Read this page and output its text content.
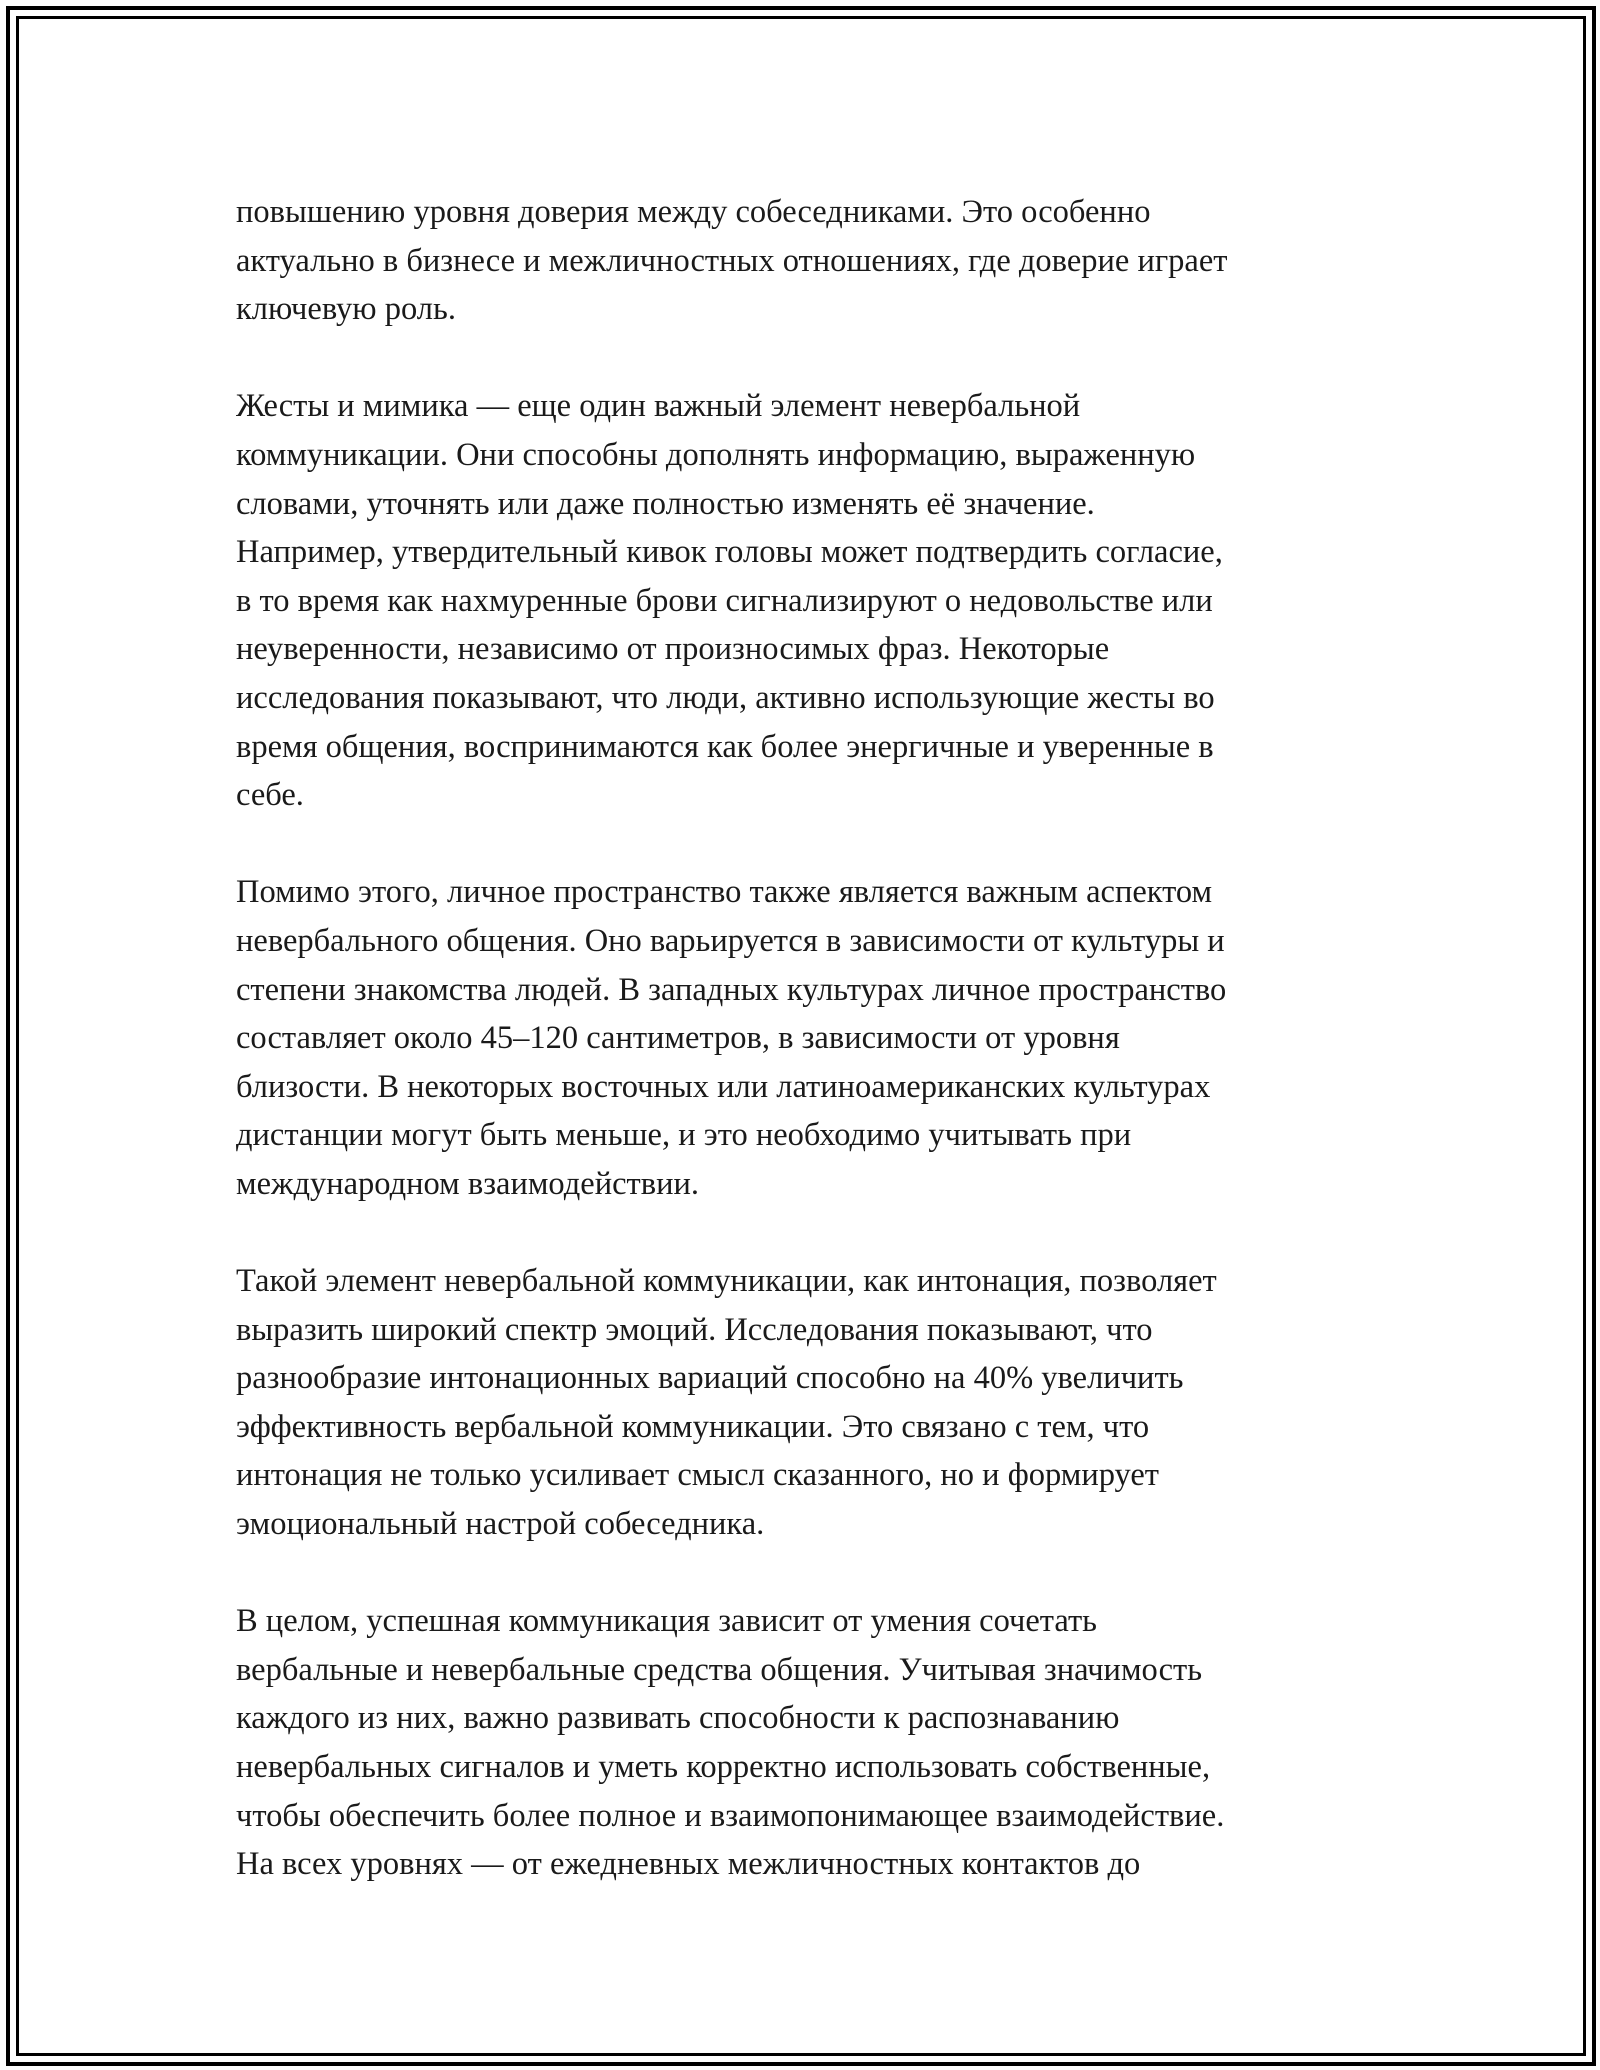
повышению уровня доверия между собеседниками. Это особенно
актуально в бизнесе и межличностных отношениях, где доверие играет
ключевую роль.

Жесты и мимика — еще один важный элемент невербальной
коммуникации. Они способны дополнять информацию, выраженную
словами, уточнять или даже полностью изменять её значение.
Например, утвердительный кивок головы может подтвердить согласие,
в то время как нахмуренные брови сигнализируют о недовольстве или
неуверенности, независимо от произносимых фраз. Некоторые
исследования показывают, что люди, активно использующие жесты во
время общения, воспринимаются как более энергичные и уверенные в
себе.

Помимо этого, личное пространство также является важным аспектом
невербального общения. Оно варьируется в зависимости от культуры и
степени знакомства людей. В западных культурах личное пространство
составляет около 45–120 сантиметров, в зависимости от уровня
близости. В некоторых восточных или латиноамериканских культурах
дистанции могут быть меньше, и это необходимо учитывать при
международном взаимодействии.

Такой элемент невербальной коммуникации, как интонация, позволяет
выразить широкий спектр эмоций. Исследования показывают, что
разнообразие интонационных вариаций способно на 40% увеличить
эффективность вербальной коммуникации. Это связано с тем, что
интонация не только усиливает смысл сказанного, но и формирует
эмоциональный настрой собеседника.

В целом, успешная коммуникация зависит от умения сочетать
вербальные и невербальные средства общения. Учитывая значимость
каждого из них, важно развивать способности к распознаванию
невербальных сигналов и уметь корректно использовать собственные,
чтобы обеспечить более полное и взаимопонимающее взаимодействие.
На всех уровнях — от ежедневных межличностных контактов до
